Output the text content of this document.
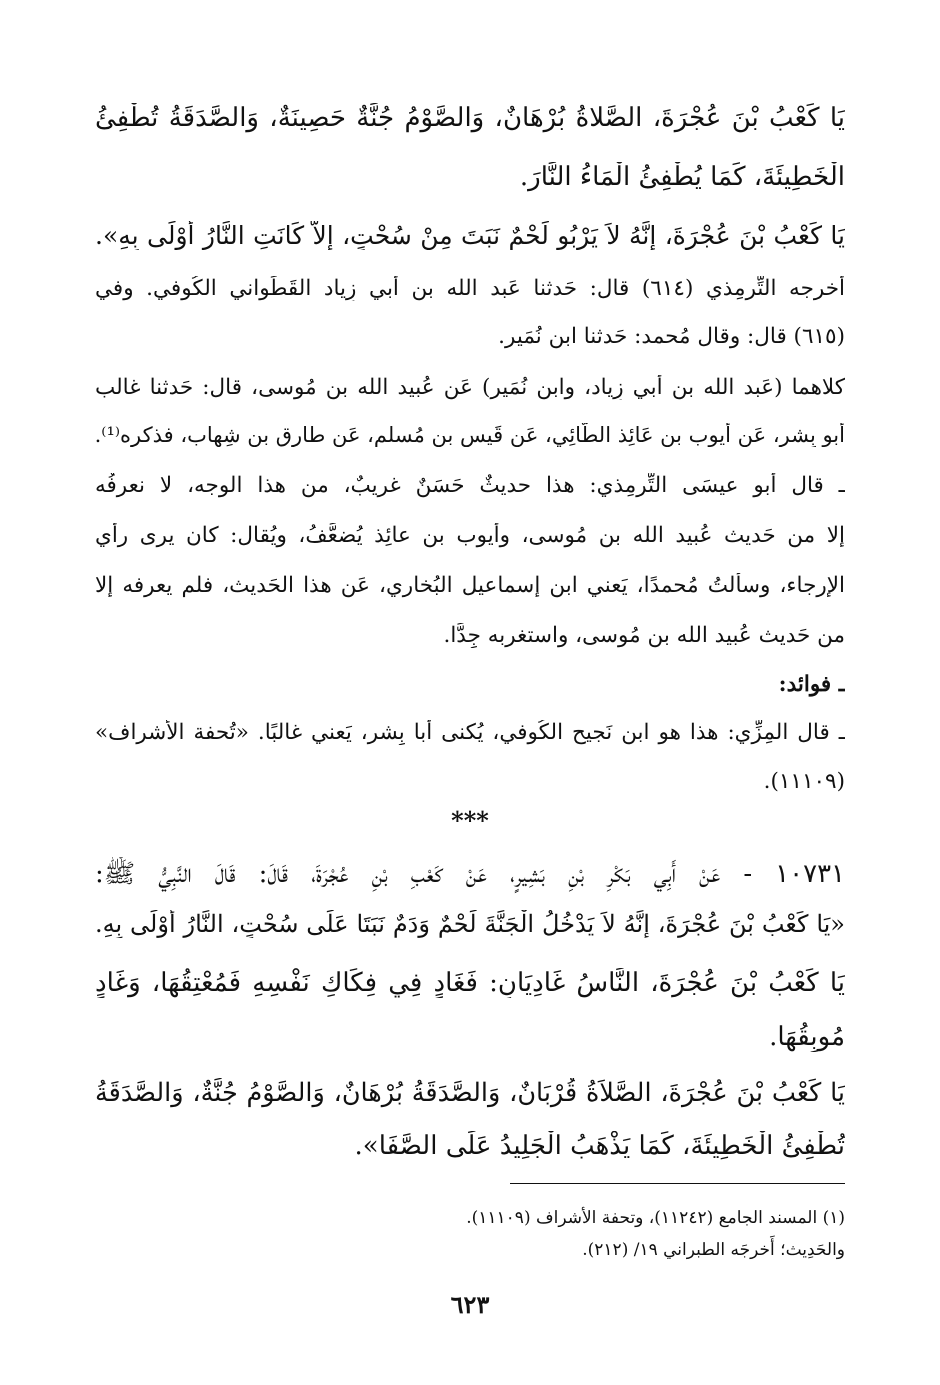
يَا كَعْبُ بْنَ عُجْرَةَ، الصَّلاةُ بُرْهَانٌ، وَالصَّوْمُ جُنَّةٌ حَصِينَةٌ، وَالصَّدَقَةُ تُطْفِئُ
الْخَطِيئَةَ، كَمَا يُطْفِئُ الْمَاءُ النَّارَ.
يَا كَعْبُ بْنَ عُجْرَةَ، إِنَّهُ لاَ يَرْبُو لَحْمٌ نَبَتَ مِنْ سُحْتٍ، إِلاَّ كَانَتِ النَّارُ أَوْلَى بِهِ».
أخرجه التِّرمِذي (٦١٤) قال: حَدثنا عَبد الله بن أَبي زِياد القَطَواني الكُوفي. وفي
(٦١٥) قال: وقال مُحمد: حَدثنا ابن نُمَير.
كلاهما (عَبد الله بن أَبي زِياد، وابن نُمَير) عَن عُبيد الله بن مُوسى، قال: حَدثنا غالب
أَبو بِشر، عَن أَيوب بن عَائِذ الطَّائِي، عَن قَيس بن مُسلم، عَن طارق بن شِهاب، فذكره⁽¹⁾.
ـ قال أَبو عيسَى التِّرمِذي: هذا حديثٌ حَسَنٌ غريبٌ، من هذا الوجه، لا نعرفُه
إِلا من حَديث عُبيد الله بن مُوسى، وأَيوب بن عائِذ يُضعَّفُ، ويُقال: كان يرى رأي
الإِرجاء، وسأَلتُ مُحمدًا، يَعني ابن إِسماعيل البُخاري، عَن هذا الحَديث، فلم يعرفه إِلا
من حَديث عُبيد الله بن مُوسى، واستغربه جِدًّا.
ـ فوائد:
ـ قال المِزِّي: هذا هو ابن نَجيح الكُوفي، يُكنى أَبا بِشر، يَعني غالبًا. «تُحفة الأَشراف»
(١١١٠٩).
***
١٠٧٣١ - عَنْ أَبِي بَكْرِ بْنِ بَشِيرٍ، عَنْ كَعْبِ بْنِ عُجْرَةَ، قَالَ: قَالَ النَّبِيُّ ﷺ:
«يَا كَعْبُ بْنَ عُجْرَةَ، إِنَّهُ لاَ يَدْخُلُ الْجَنَّةَ لَحْمٌ وَدَمٌ نَبَتَا عَلَى سُحْتٍ، النَّارُ أَوْلَى بِهِ.
يَا كَعْبُ بْنَ عُجْرَةَ، النَّاسُ غَادِيَانِ: فَغَادٍ فِي فِكَاكِ نَفْسِهِ فَمُعْتِقُهَا، وَغَادٍ
مُوبِقُهَا.
يَا كَعْبُ بْنَ عُجْرَةَ، الصَّلاَةُ قُرْبَانٌ، وَالصَّدَقَةُ بُرْهَانٌ، وَالصَّوْمُ جُنَّةٌ، وَالصَّدَقَةُ
تُطْفِئُ الْخَطِيئَةَ، كَمَا يَذْهَبُ الْجَلِيدُ عَلَى الصَّفَا».
(١) المسند الجامع (١١٢٤٢)، وتحفة الأشراف (١١١٠٩).
والحَدِيث؛ أَخرجَه الطبراني ١٩/ (٢١٢).
٦٢٣
